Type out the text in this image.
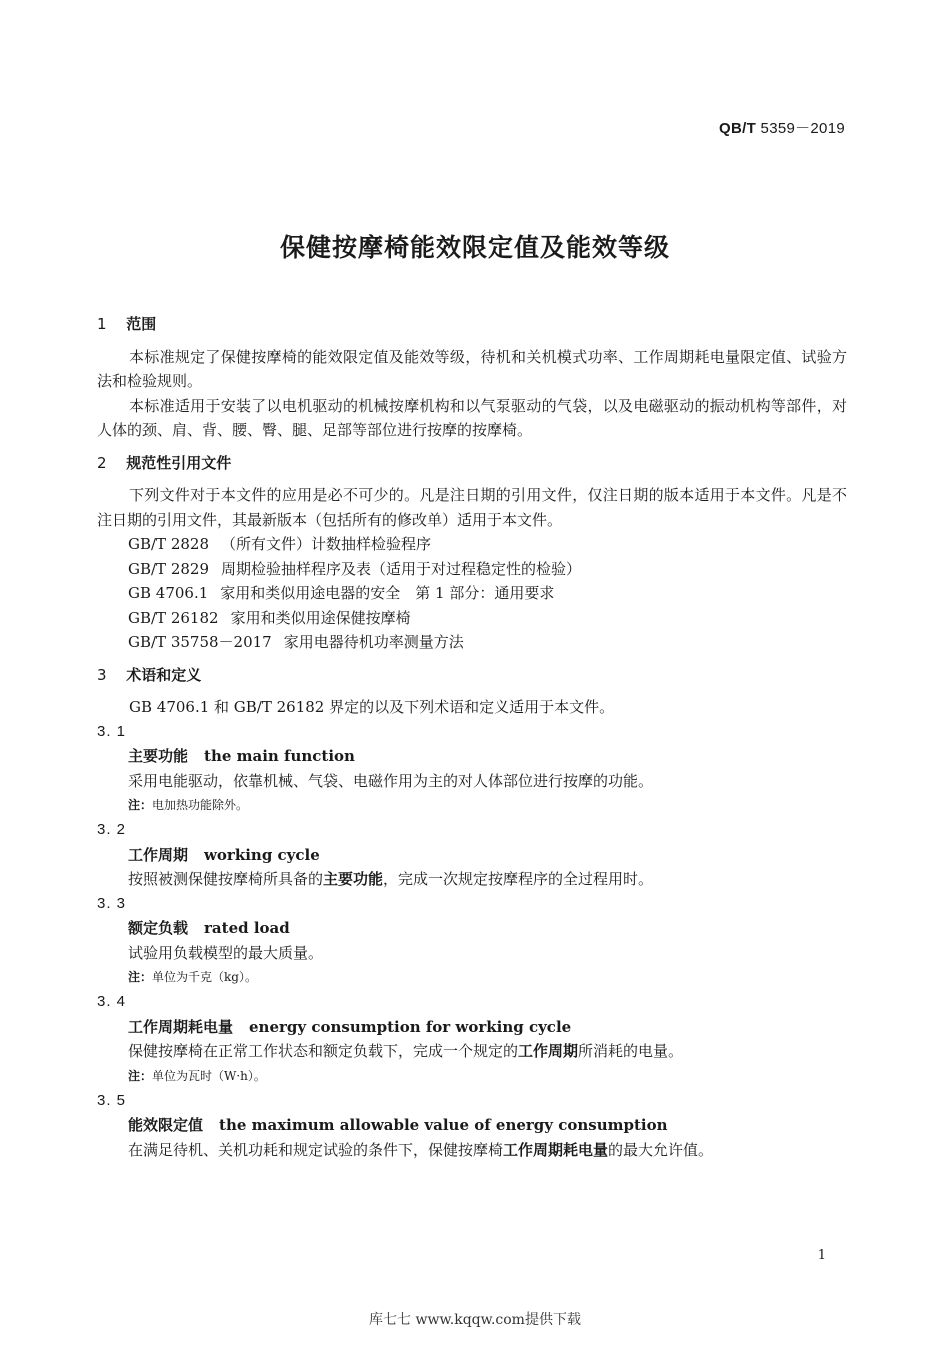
QB/T 5359－2019
保健按摩椅能效限定值及能效等级

1 范围

本标准规定了保健按摩椅的能效限定值及能效等级，待机和关机模式功率、工作周期耗电量限定值、试验方法和检验规则。

本标准适用于安装了以电机驱动的机械按摩机构和以气泵驱动的气袋，以及电磁驱动的振动机构等部件，对人体的颈、肩、背、腰、臀、腿、足部等部位进行按摩的按摩椅。

2 规范性引用文件

下列文件对于本文件的应用是必不可少的。凡是注日期的引用文件，仅注日期的版本适用于本文件。凡是不注日期的引用文件，其最新版本（包括所有的修改单）适用于本文件。

GB/T 2828 （所有文件）计数抽样检验程序

GB/T 2829 周期检验抽样程序及表（适用于对过程稳定性的检验）

GB 4706.1 家用和类似用途电器的安全　第 1 部分：通用要求

GB/T 26182 家用和类似用途保健按摩椅

GB/T 35758－2017 家用电器待机功率测量方法

3 术语和定义

GB 4706.1 和 GB/T 26182 界定的以及下列术语和定义适用于本文件。

3. 1

主要功能 the main function

采用电能驱动，依靠机械、气袋、电磁作用为主的对人体部位进行按摩的功能。

注：电加热功能除外。

3. 2

工作周期 working cycle

按照被测保健按摩椅所具备的主要功能，完成一次规定按摩程序的全过程用时。

3. 3

额定负载 rated load

试验用负载模型的最大质量。

注：单位为千克（kg）。

3. 4

工作周期耗电量 energy consumption for working cycle

保健按摩椅在正常工作状态和额定负载下，完成一个规定的工作周期所消耗的电量。

注：单位为瓦时（W·h）。

3. 5

能效限定值 the maximum allowable value of energy consumption

在满足待机、关机功耗和规定试验的条件下，保健按摩椅工作周期耗电量的最大允许值。

1
库七七 www.kqqw.com提供下载
